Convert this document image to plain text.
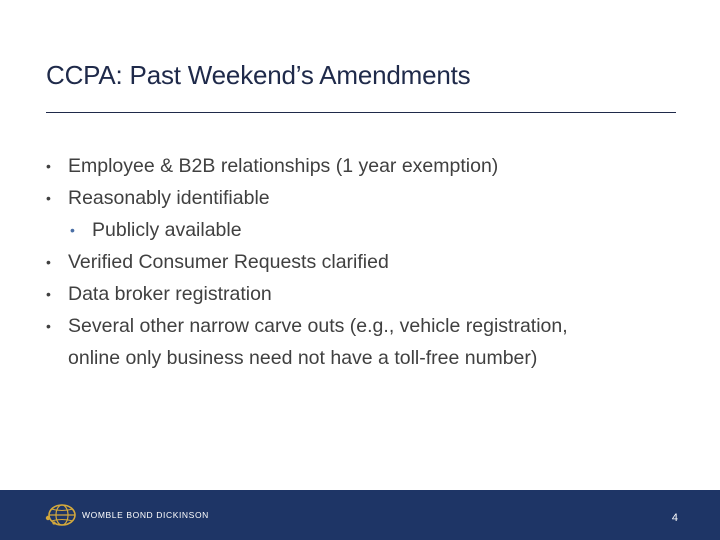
CCPA: Past Weekend’s Amendments
• Employee & B2B relationships (1 year exemption)
• Reasonably identifiable
• Publicly available
• Verified Consumer Requests clarified
• Data broker registration
• Several other narrow carve outs (e.g., vehicle registration,
online only business need not have a toll-free number)
WOMBLE BOND DICKINSON	4
